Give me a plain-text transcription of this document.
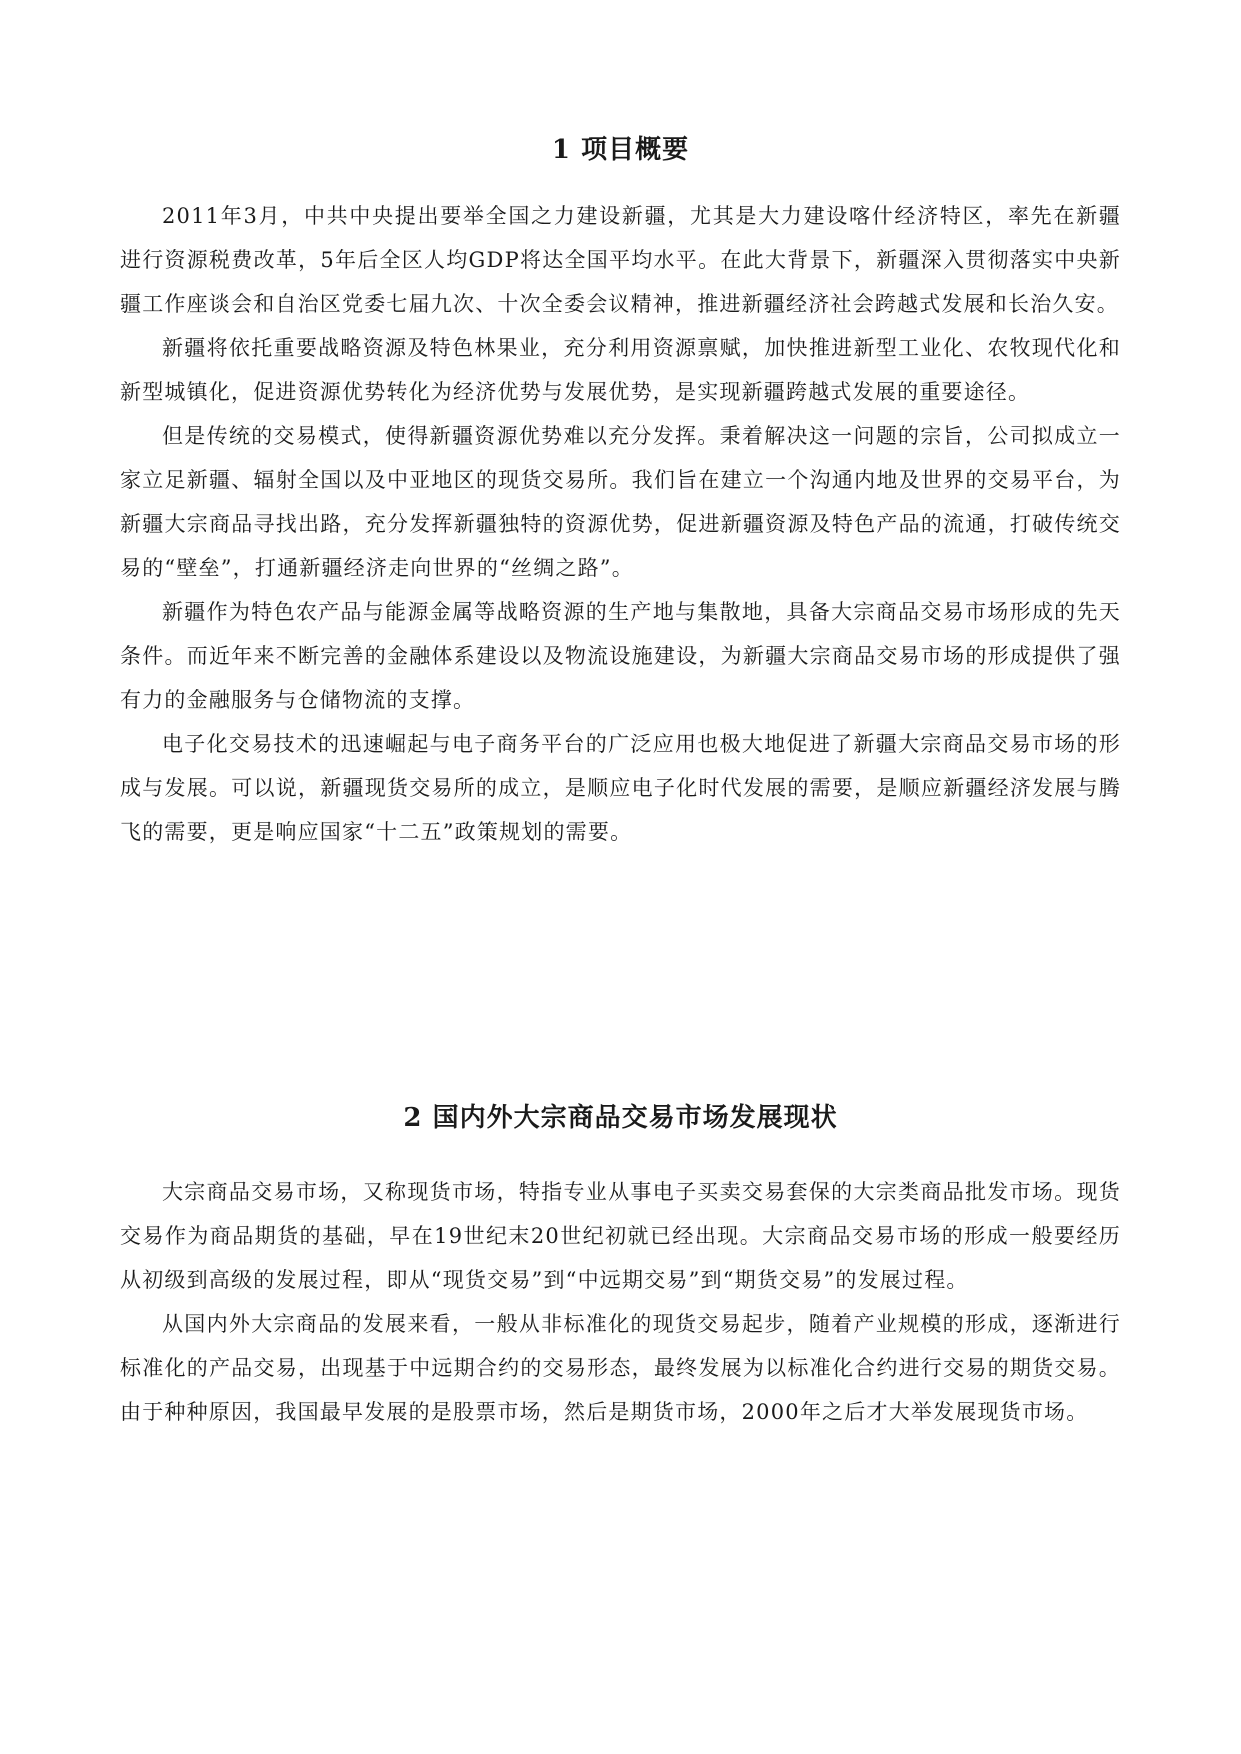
1 项目概要

2011年3月，中共中央提出要举全国之力建设新疆，尤其是大力建设喀什经济特区，率先在新疆进行资源税费改革，5年后全区人均GDP将达全国平均水平。在此大背景下，新疆深入贯彻落实中央新疆工作座谈会和自治区党委七届九次、十次全委会议精神，推进新疆经济社会跨越式发展和长治久安。

新疆将依托重要战略资源及特色林果业，充分利用资源禀赋，加快推进新型工业化、农牧现代化和新型城镇化，促进资源优势转化为经济优势与发展优势，是实现新疆跨越式发展的重要途径。

但是传统的交易模式，使得新疆资源优势难以充分发挥。秉着解决这一问题的宗旨，公司拟成立一家立足新疆、辐射全国以及中亚地区的现货交易所。我们旨在建立一个沟通内地及世界的交易平台，为新疆大宗商品寻找出路，充分发挥新疆独特的资源优势，促进新疆资源及特色产品的流通，打破传统交易的“壁垒”，打通新疆经济走向世界的“丝绸之路”。

新疆作为特色农产品与能源金属等战略资源的生产地与集散地，具备大宗商品交易市场形成的先天条件。而近年来不断完善的金融体系建设以及物流设施建设，为新疆大宗商品交易市场的形成提供了强有力的金融服务与仓储物流的支撑。

电子化交易技术的迅速崛起与电子商务平台的广泛应用也极大地促进了新疆大宗商品交易市场的形成与发展。可以说，新疆现货交易所的成立，是顺应电子化时代发展的需要，是顺应新疆经济发展与腾飞的需要，更是响应国家“十二五”政策规划的需要。

2 国内外大宗商品交易市场发展现状

大宗商品交易市场，又称现货市场，特指专业从事电子买卖交易套保的大宗类商品批发市场。现货交易作为商品期货的基础，早在19世纪末20世纪初就已经出现。大宗商品交易市场的形成一般要经历从初级到高级的发展过程，即从“现货交易”到“中远期交易”到“期货交易”的发展过程。

从国内外大宗商品的发展来看，一般从非标准化的现货交易起步，随着产业规模的形成，逐渐进行标准化的产品交易，出现基于中远期合约的交易形态，最终发展为以标准化合约进行交易的期货交易。由于种种原因，我国最早发展的是股票市场，然后是期货市场，2000年之后才大举发展现货市场。
